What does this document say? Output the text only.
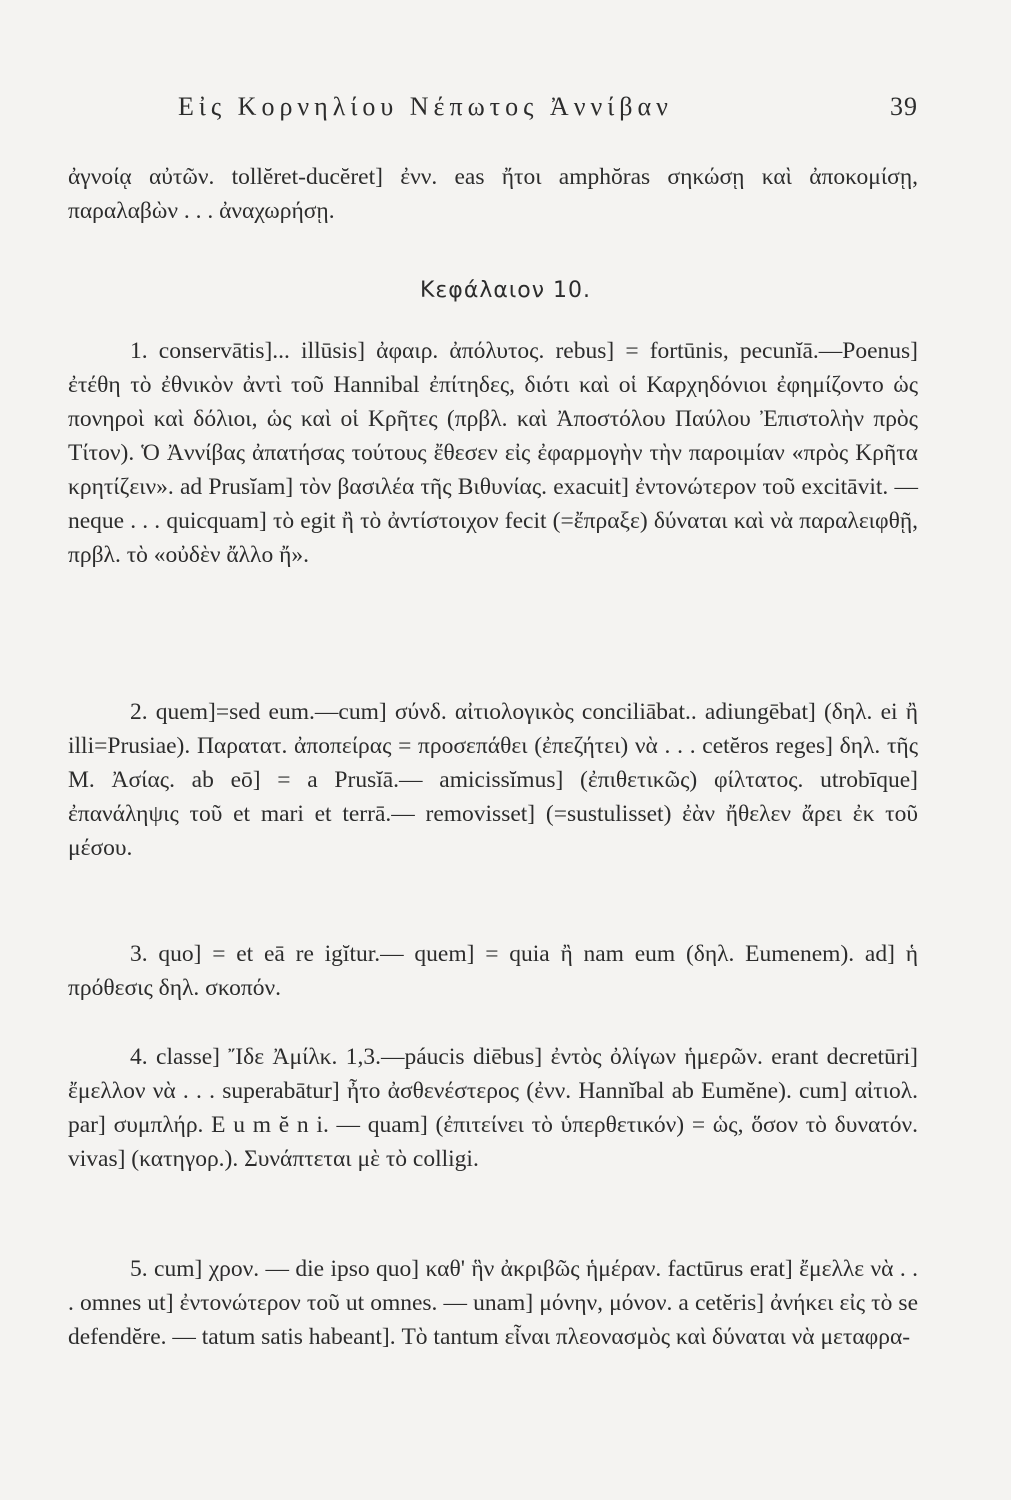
Εἰς Κορνηλίου Νέπωτος Ἀννίβαν	39

ἀγνοίᾳ αὐτῶν. tollĕret-ducĕret] ἐνν. eas ἤτοι amphŏras σηκώσῃ καὶ ἀποκομίσῃ, παραλαβὼν . . . ἀναχωρήσῃ.

Κεφάλαιον 10.

1. conservātis]... illūsis] ἀφαιρ. ἀπόλυτος. rebus] = fortūnis, pecunĭā.—Poenus] ἐτέθη τὸ ἐθνικὸν ἀντὶ τοῦ Hannibal ἐπίτηδες, διότι καὶ οἱ Καρχηδόνιοι ἐφημίζοντο ὡς πονηροὶ καὶ δόλιοι, ὡς καὶ οἱ Κρῆτες (πρβλ. καὶ Ἀποστόλου Παύλου Ἐπιστολὴν πρὸς Τίτον). Ὁ Ἀννίβας ἀπατήσας τούτους ἔθεσεν εἰς ἐφαρμογὴν τὴν παροιμίαν «πρὸς Κρῆτα κρητίζειν». ad Prusĭam] τὸν βασιλέα τῆς Βιθυνίας. exacuit] ἐντονώτερον τοῦ excitāvit. — neque . . . quicquam] τὸ egit ἢ τὸ ἀντίστοιχον fecit (=ἔπραξε) δύναται καὶ νὰ παραλειφθῇ, πρβλ. τὸ «οὐδὲν ἄλλο ἤ».

2. quem]=sed eum.—cum] σύνδ. αἰτιολογικὸς conciliābat.. adiungēbat] (δηλ. ei ἢ illi=Prusiae). Παρατατ. ἀποπείρας = προσεπάθει (ἐπεζήτει) νὰ . . . cetĕros reges] δηλ. τῆς Μ. Ἀσίας. ab eō] = a Prusĭā.— amicissĭmus] (ἐπιθετικῶς) φίλτατος. utrobīque] ἐπανάληψις τοῦ et mari et terrā.— removisset] (=sustulisset) ἐὰν ἤθελεν ἄρει ἐκ τοῦ μέσου.

3. quo] = et eā re igĭtur.— quem] = quia ἢ nam eum (δηλ. Eumenem). ad] ἡ πρόθεσις δηλ. σκοπόν.

4. classe] Ἴδε Ἀμίλκ. 1,3.—páucis diēbus] ἐντὸς ὀλίγων ἡμερῶν. erant decretūri] ἔμελλον νὰ . . . superabātur] ἦτο ἀσθενέστερος (ἐνν. Hannĭbal ab Eumĕne). cum] αἰτιολ. par] συμπλήρ. E u m ĕ n i. — quam] (ἐπιτείνει τὸ ὑπερθετικόν) = ὡς, ὅσον τὸ δυνατόν. vivas] (κατηγορ.). Συνάπτεται μὲ τὸ colligi.

5. cum] χρον. — die ipso quo] καθ' ἣν ἀκριβῶς ἡμέραν. factūrus erat] ἔμελλε νὰ . . . omnes ut] ἐντονώτερον τοῦ ut omnes. — unam] μόνην, μόνον. a cetĕris] ἀνήκει εἰς τὸ se defendĕre. — tatum satis habeant]. Τὸ tantum εἶναι πλεονασμὸς καὶ δύναται νὰ μεταφρα-
